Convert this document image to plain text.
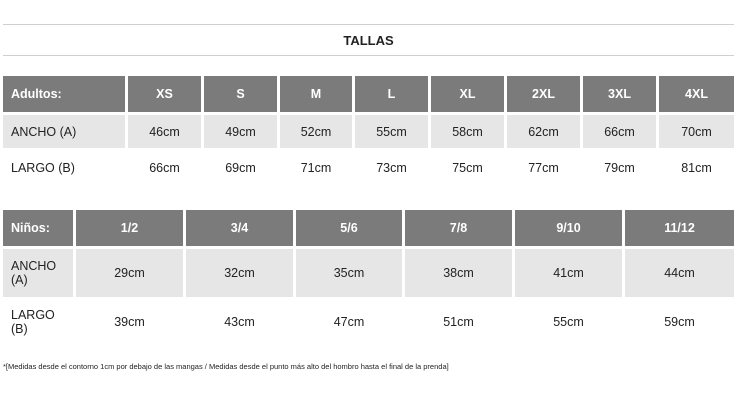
TALLAS
Adultos:	XS	S	M	L	XL	2XL	3XL	4XL
ANCHO (A)	46cm	49cm	52cm	55cm	58cm	62cm	66cm	70cm
LARGO (B)	66cm	69cm	71cm	73cm	75cm	77cm	79cm	81cm
Niños:	1/2	3/4	5/6	7/8	9/10	11/12
ANCHO (A)	29cm	32cm	35cm	38cm	41cm	44cm
LARGO (B)	39cm	43cm	47cm	51cm	55cm	59cm
*[Medidas desde el contorno 1cm por debajo de las mangas / Medidas desde el punto más alto del hombro hasta el final de la prenda]
